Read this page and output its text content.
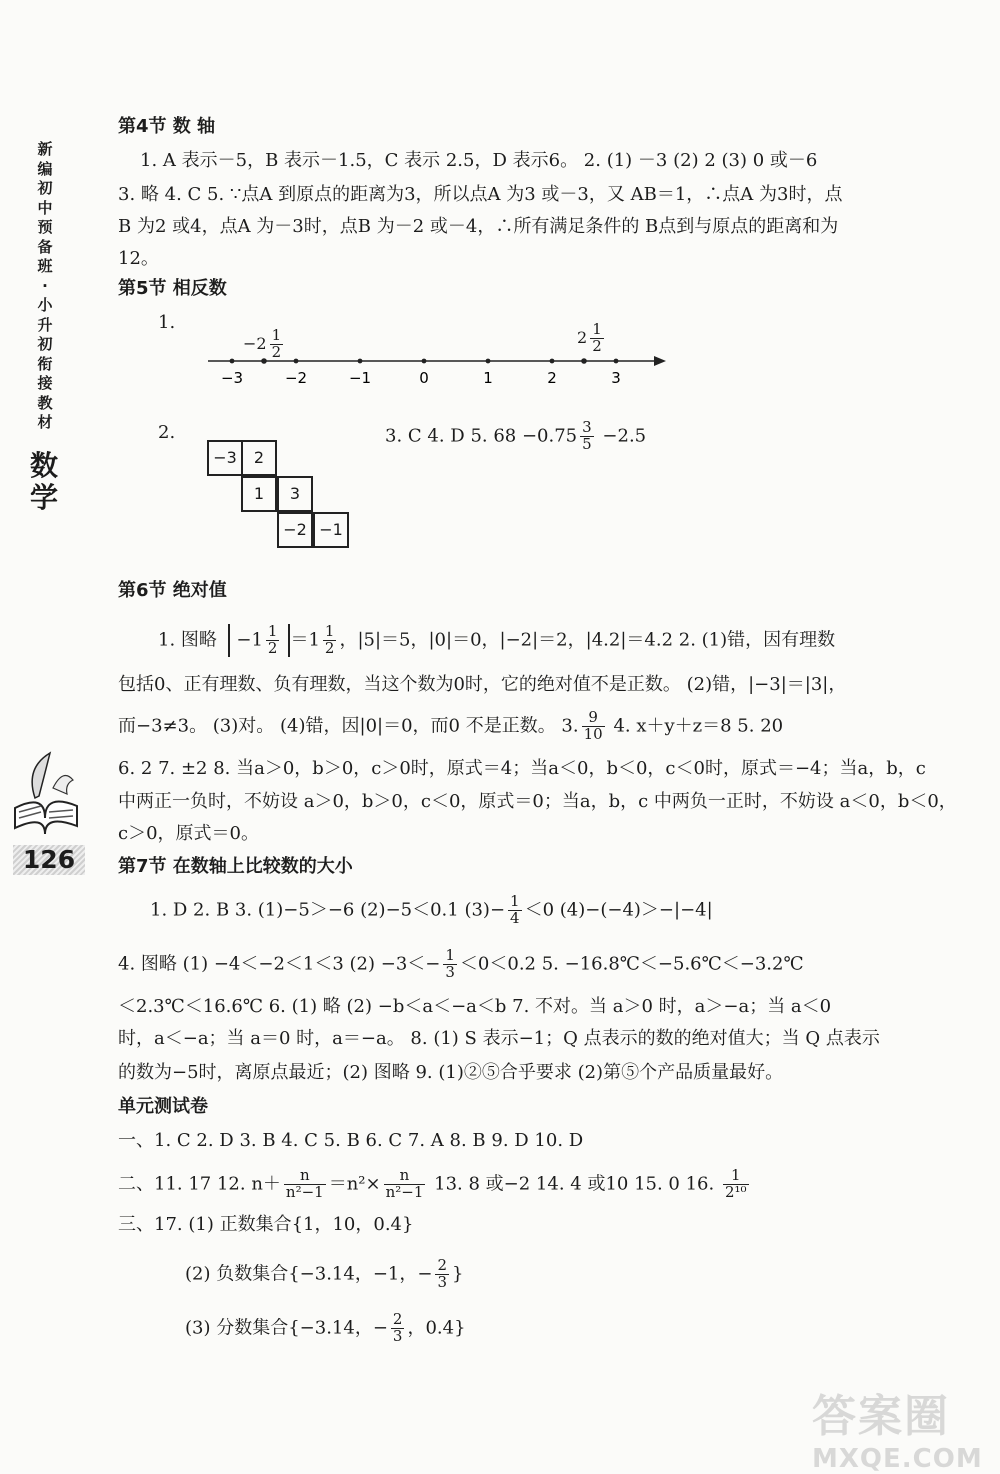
新
编
初
中
预
备
班
·
小
升
初
衔
接
教
材
数
学
126
第4节 数 轴
1. A 表示－5，B 表示－1.5，C 表示 2.5，D 表示6。 2. (1) －3 (2) 2 (3) 0 或－6
3. 略 4. C 5. ∵点A 到原点的距离为3，所以点A 为3 或－3，又 AB＝1，∴点A 为3时，点
B 为2 或4，点A 为－3时，点B 为－2 或－4，∴所有满足条件的 B点到与原点的距离和为
12。
第5节 相反数
1.
−3	−2	−1	0	1	2	3
$-2 \frac{1}{2}$	$2 \frac{1}{2}$
2.
−3	2
1	3
−2 −1
3. C 4. D 5. $68 -0.75 \frac{3}{5} -2.5$
第6节 绝对值
1. 图略 $-1 \frac{1}{2} =1 \frac{1}{2}$ ，|5|＝5，|0|＝0，|−2|＝2，|4.2|＝4.2 2. (1)错，因有理数
包括0、正有理数、负有理数，当这个数为0时，它的绝对值不是正数。 (2)错，|−3|＝|3|，
而−3≠3。 (3)对。 (4)错，因|0|＝0，而0 不是正数。 3. $\frac{9}{10} 4$. x＋y＋z＝8 5. 20
6. 2 7. ±2 8. 当a＞0，b＞0，c＞0时，原式＝4；当a＜0，b＜0，c＜0时，原式＝−4；当a，b，c
中两正一负时，不妨设 a＞0，b＞0，c＜0，原式＝0；当a，b，c 中两负一正时，不妨设 a＜0，b＜0，
c＞0，原式＝0。
第7节 在数轴上比较数的大小
1. D 2. B 3. (1)−5＞−6 (2)−5＜0.1 $(3)- \frac{1}{4} <0$ (4)−(−4)＞−|−4|
4. 图略 (1) −4＜−2＜1＜3 $(2) -3<- \frac{1}{3} <0<0.2$ 5. −16.8℃＜−5.6℃＜−3.2℃
＜2.3℃＜16.6℃ 6. (1) 略 (2) −b＜a＜−a＜b 7. 不对。当 a＞0 时，a＞−a；当 a＜0
时，a＜−a；当 a＝0 时，a＝−a。 8. (1) S 表示−1；Q 点表示的数的绝对值大；当 Q 点表示
的数为−5时，离原点最近；(2) 图略 9. (1)②⑤合乎要求 (2)第⑤个产品质量最好。
单元测试卷
一、1. C 2. D 3. B 4. C 5. B 6. C 7. A 8. B 9. D 10. D
二、11. 17 12. $n+ \frac{n}{\text{n²−1}} =n^2\times \frac{n}{\text{n²−1}} 13$. 8 或−2 14. 4 或10 15. 0 16. $\frac{1}{\text{2¹⁰}}$
三、17. (1) 正数集合{1，10，0.4}
(2) 负数集合{−3.14，−1，− $\frac{2}{3}$ }
(3) 分数集合{−3.14，− $\frac{2}{3}$ ，0.4}
答案圈
MXQE.COM
